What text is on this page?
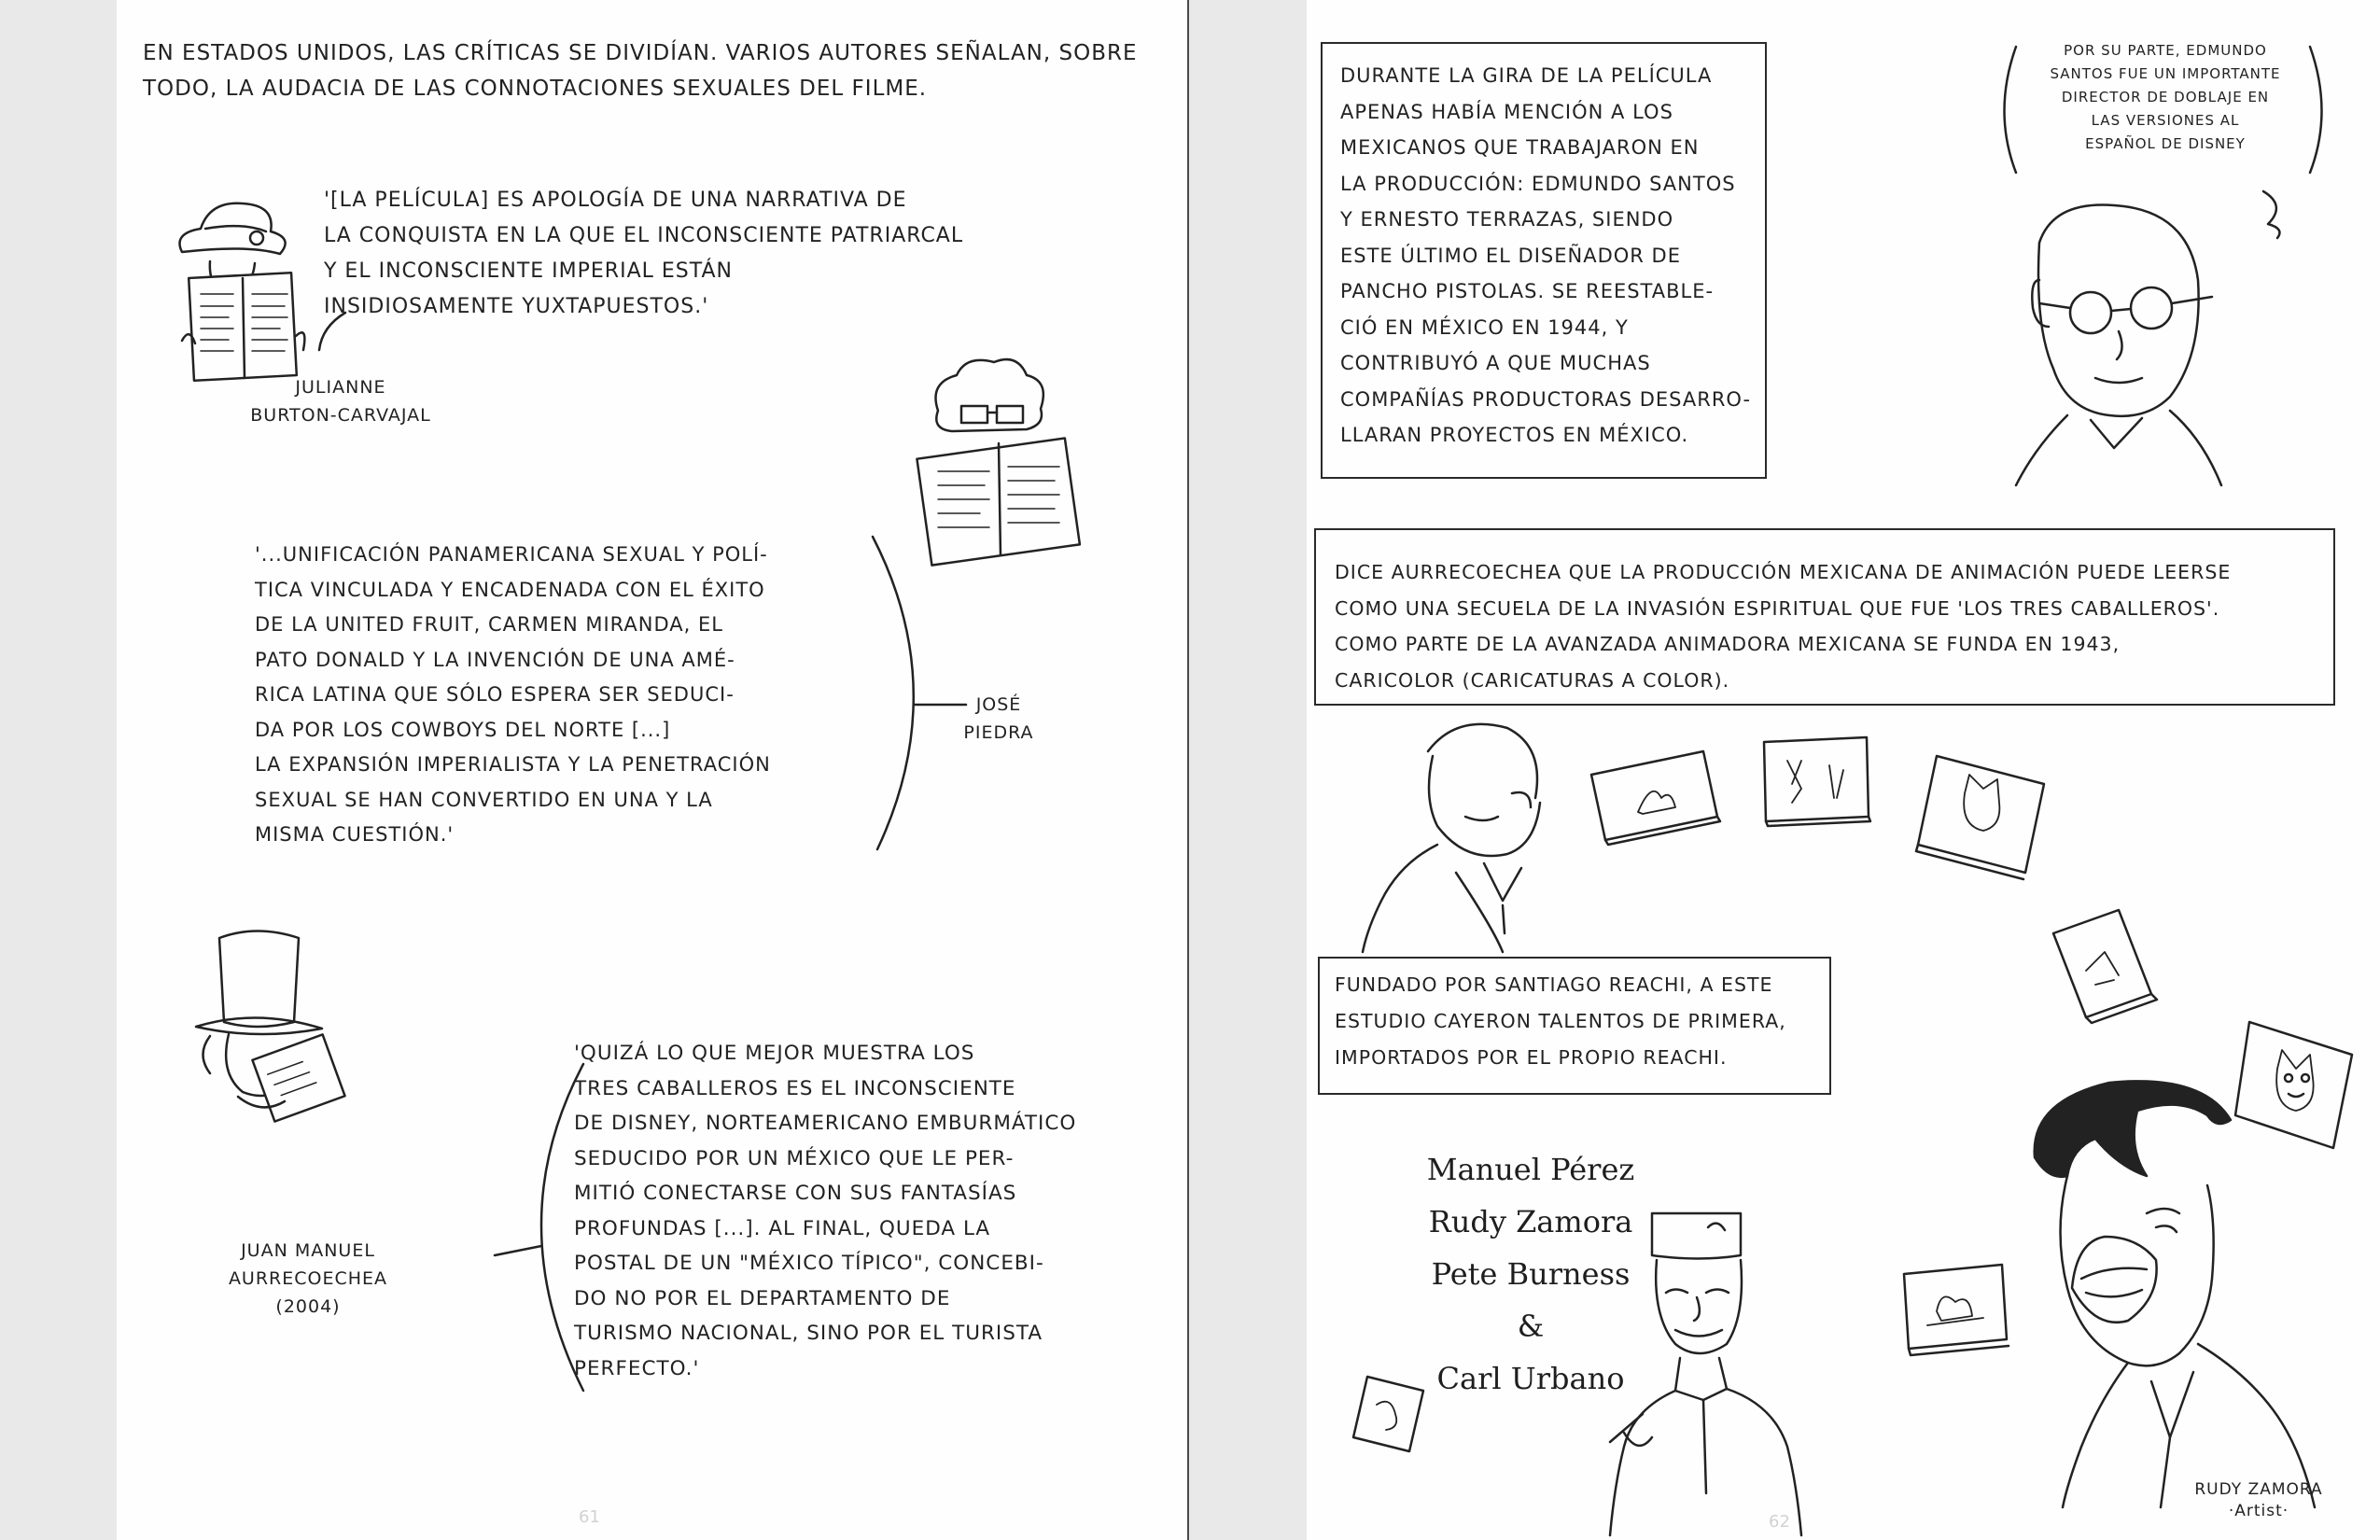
EN ESTADOS UNIDOS, LAS CRÍTICAS SE DIVIDÍAN. VARIOS AUTORES SEÑALAN, SOBRE
TODO, LA AUDACIA DE LAS CONNOTACIONES SEXUALES DEL FILME.

'[LA PELÍCULA] ES APOLOGÍA DE UNA NARRATIVA DE
LA CONQUISTA EN LA QUE EL INCONSCIENTE PATRIARCAL
Y EL INCONSCIENTE IMPERIAL ESTÁN
INSIDIOSAMENTE YUXTAPUESTOS.'

JULIANNE
BURTON-CARVAJAL

'...UNIFICACIÓN PANAMERICANA SEXUAL Y POLÍ-
TICA VINCULADA Y ENCADENADA CON EL ÉXITO
DE LA UNITED FRUIT, CARMEN MIRANDA, EL
PATO DONALD Y LA INVENCIÓN DE UNA AMÉ-
RICA LATINA QUE SÓLO ESPERA SER SEDUCI-
DA POR LOS COWBOYS DEL NORTE [...]
LA EXPANSIÓN IMPERIALISTA Y LA PENETRACIÓN
SEXUAL SE HAN CONVERTIDO EN UNA Y LA
MISMA CUESTIÓN.'

JOSÉ
PIEDRA

'QUIZÁ LO QUE MEJOR MUESTRA LOS
TRES CABALLEROS ES EL INCONSCIENTE
DE DISNEY, NORTEAMERICANO EMBURMÁTICO
SEDUCIDO POR UN MÉXICO QUE LE PER-
MITIÓ CONECTARSE CON SUS FANTASÍAS
PROFUNDAS [...]. AL FINAL, QUEDA LA
POSTAL DE UN "MÉXICO TÍPICO", CONCEBI-
DO NO POR EL DEPARTAMENTO DE
TURISMO NACIONAL, SINO POR EL TURISTA
PERFECTO.'

JUAN MANUEL
AURRECOECHEA
(2004)
61

DURANTE LA GIRA DE LA PELÍCULA
APENAS HABÍA MENCIÓN A LOS
MEXICANOS QUE TRABAJARON EN
LA PRODUCCIÓN: EDMUNDO SANTOS
Y ERNESTO TERRAZAS, SIENDO
ESTE ÚLTIMO EL DISEÑADOR DE
PANCHO PISTOLAS. SE REESTABLE-
CIÓ EN MÉXICO EN 1944, Y
CONTRIBUYÓ A QUE MUCHAS
COMPAÑÍAS PRODUCTORAS DESARRO-
LLARAN PROYECTOS EN MÉXICO.

POR SU PARTE, EDMUNDO
SANTOS FUE UN IMPORTANTE
DIRECTOR DE DOBLAJE EN
LAS VERSIONES AL
ESPAÑOL DE DISNEY

DICE AURRECOECHEA QUE LA PRODUCCIÓN MEXICANA DE ANIMACIÓN PUEDE LEERSE
COMO UNA SECUELA DE LA INVASIÓN ESPIRITUAL QUE FUE 'LOS TRES CABALLEROS'.
COMO PARTE DE LA AVANZADA ANIMADORA MEXICANA SE FUNDA EN 1943,
CARICOLOR (CARICATURAS A COLOR).

FUNDADO POR SANTIAGO REACHI, A ESTE
ESTUDIO CAYERON TALENTOS DE PRIMERA,
IMPORTADOS POR EL PROPIO REACHI.

Manuel Pérez
Rudy Zamora
Pete Burness
&
Carl Urbano
RUDY ZAMORA
·Artist·
62
